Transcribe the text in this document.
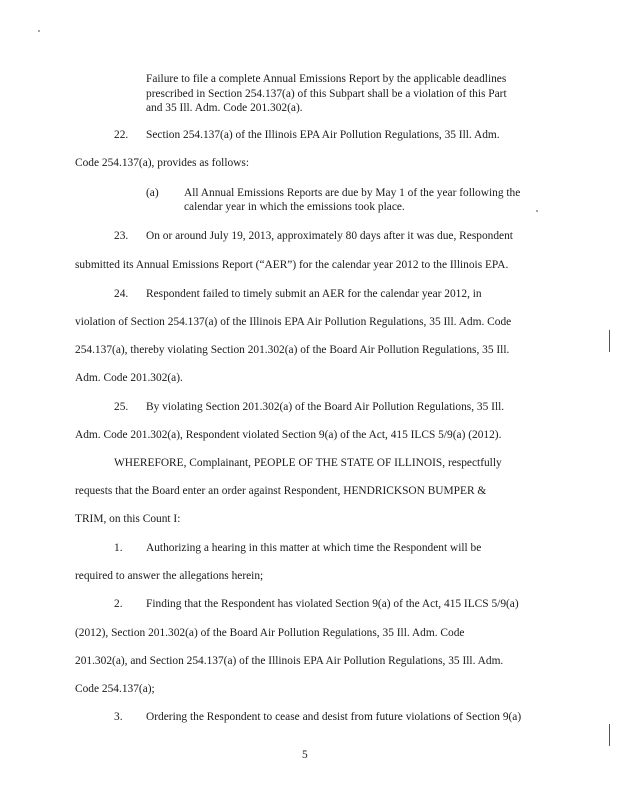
Failure to file a complete Annual Emissions Report by the applicable deadlines
prescribed in Section 254.137(a) of this Subpart shall be a violation of this Part
and 35 Ill. Adm. Code 201.302(a).
22. Section 254.137(a) of the Illinois EPA Air Pollution Regulations, 35 Ill. Adm.
Code 254.137(a), provides as follows:
(a) All Annual Emissions Reports are due by May 1 of the year following the
calendar year in which the emissions took place.
23. On or around July 19, 2013, approximately 80 days after it was due, Respondent
submitted its Annual Emissions Report (“AER”) for the calendar year 2012 to the Illinois EPA.
24. Respondent failed to timely submit an AER for the calendar year 2012, in
violation of Section 254.137(a) of the Illinois EPA Air Pollution Regulations, 35 Ill. Adm. Code
254.137(a), thereby violating Section 201.302(a) of the Board Air Pollution Regulations, 35 Ill.
Adm. Code 201.302(a).
25. By violating Section 201.302(a) of the Board Air Pollution Regulations, 35 Ill.
Adm. Code 201.302(a), Respondent violated Section 9(a) of the Act, 415 ILCS 5/9(a) (2012).
WHEREFORE, Complainant, PEOPLE OF THE STATE OF ILLINOIS, respectfully
requests that the Board enter an order against Respondent, HENDRICKSON BUMPER &
TRIM, on this Count I:
1. Authorizing a hearing in this matter at which time the Respondent will be
required to answer the allegations herein;
2. Finding that the Respondent has violated Section 9(a) of the Act, 415 ILCS 5/9(a)
(2012), Section 201.302(a) of the Board Air Pollution Regulations, 35 Ill. Adm. Code
201.302(a), and Section 254.137(a) of the Illinois EPA Air Pollution Regulations, 35 Ill. Adm.
Code 254.137(a);
3. Ordering the Respondent to cease and desist from future violations of Section 9(a)
5
